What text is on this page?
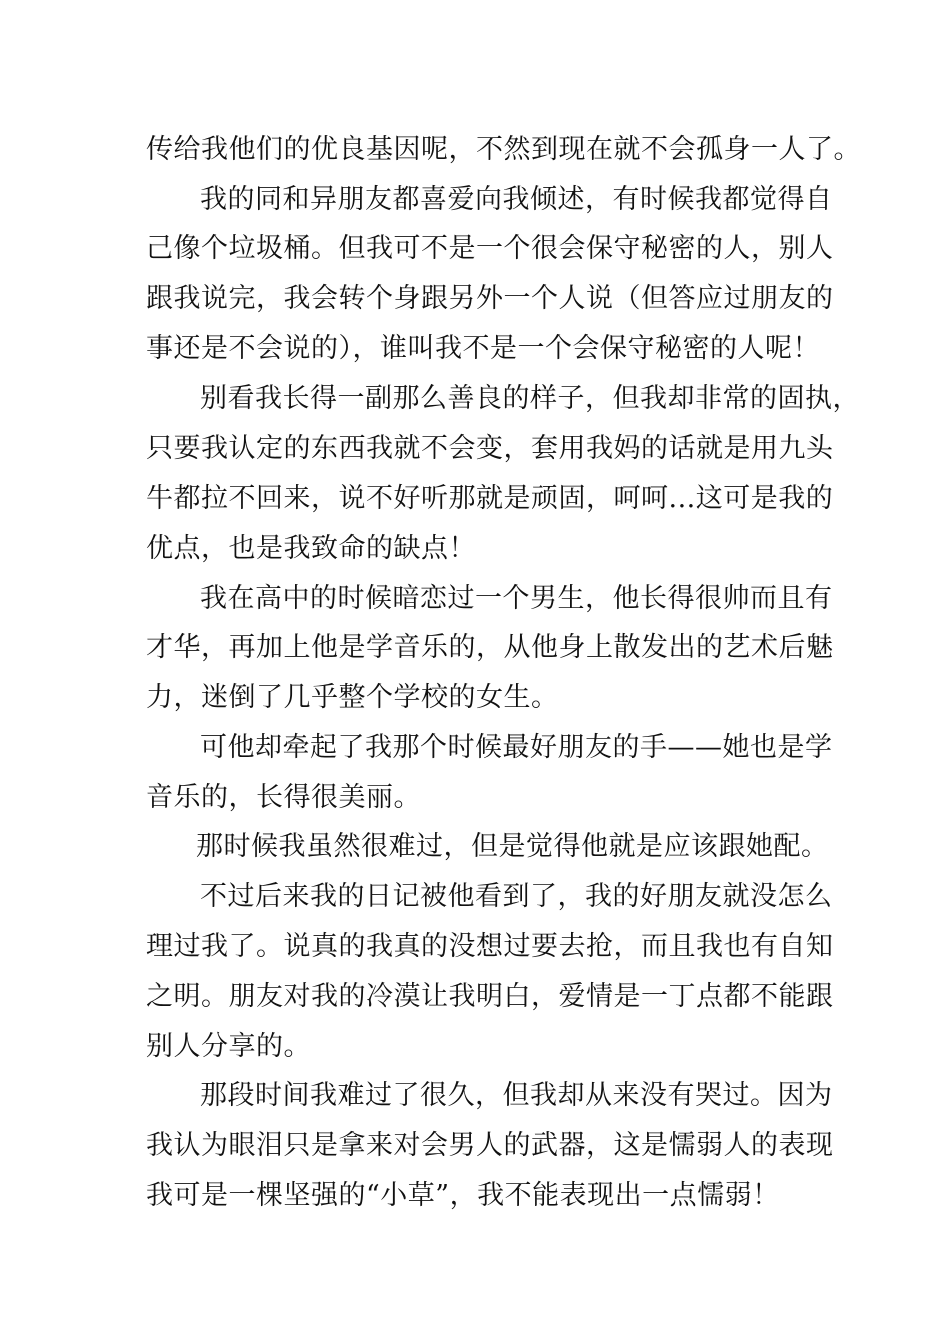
传给我他们的优良基因呢，不然到现在就不会孤身一人了。
我的同和异朋友都喜爱向我倾述，有时候我都觉得自
己像个垃圾桶。但我可不是一个很会保守秘密的人，别人
跟我说完，我会转个身跟另外一个人说（但答应过朋友的
事还是不会说的），谁叫我不是一个会保守秘密的人呢！
别看我长得一副那么善良的样子，但我却非常的固执，
只要我认定的东西我就不会变，套用我妈的话就是用九头
牛都拉不回来，说不好听那就是顽固，呵呵...这可是我的
优点，也是我致命的缺点！
我在高中的时候暗恋过一个男生，他长得很帅而且有
才华，再加上他是学音乐的，从他身上散发出的艺术后魅
力，迷倒了几乎整个学校的女生。
可他却牵起了我那个时候最好朋友的手——她也是学
音乐的，长得很美丽。
那时候我虽然很难过，但是觉得他就是应该跟她配。
不过后来我的日记被他看到了，我的好朋友就没怎么
理过我了。说真的我真的没想过要去抢，而且我也有自知
之明。朋友对我的冷漠让我明白，爱情是一丁点都不能跟
别人分享的。
那段时间我难过了很久，但我却从来没有哭过。因为
我认为眼泪只是拿来对会男人的武器，这是懦弱人的表现
我可是一棵坚强的“小草”，我不能表现出一点懦弱！
